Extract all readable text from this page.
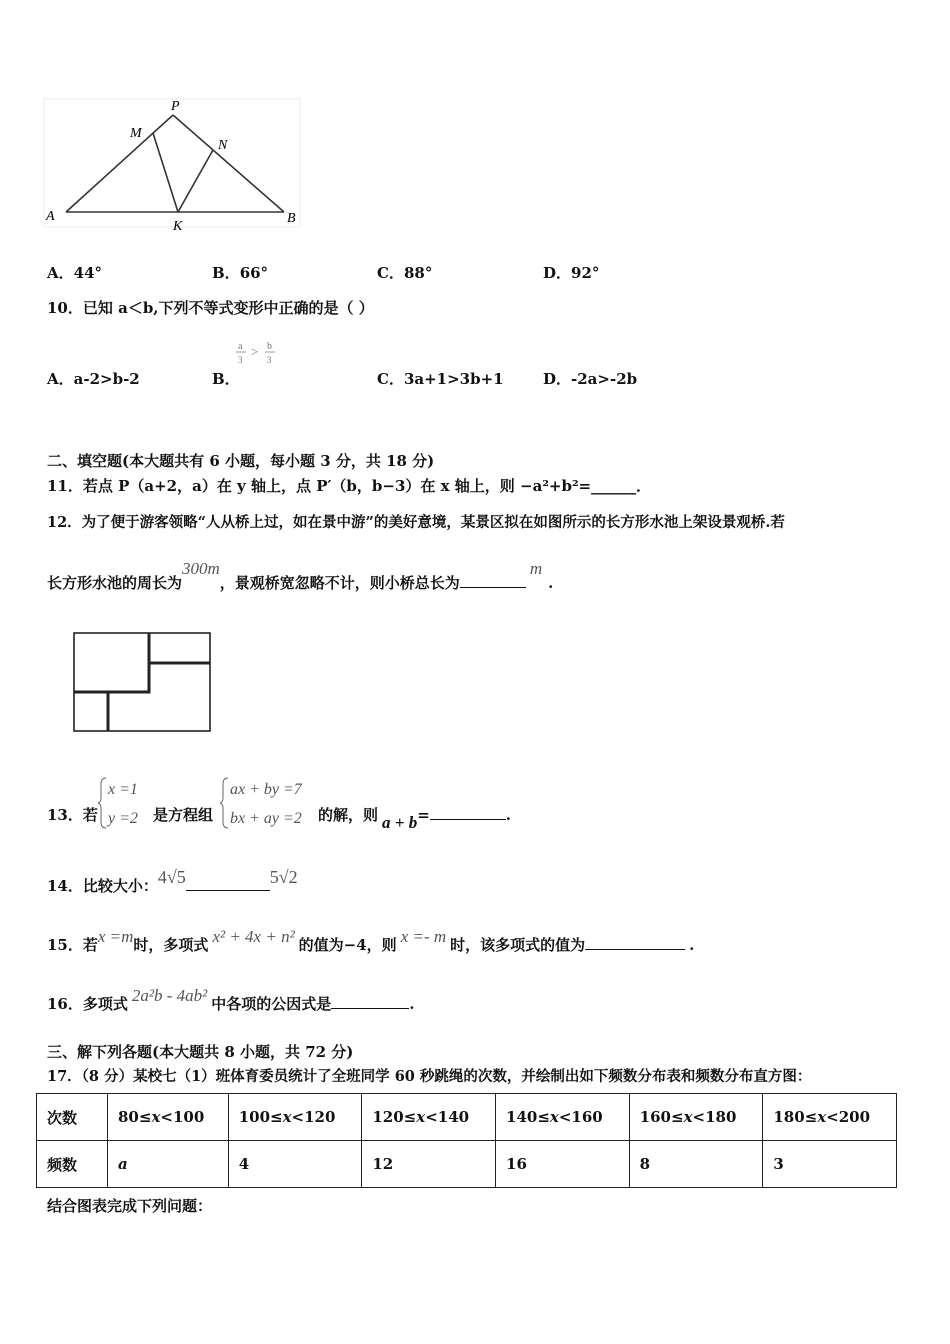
P
M
N
A
K
B
A．44°	B．66°	C．88°	D．92°
10．已知 a＜b,下列不等式变形中正确的是（ ）
A．a-2>b-2	B．
a
3
> b
3
C．3a+1>3b+1	D．-2a>-2b
二、填空题(本大题共有 6 小题，每小题 3 分，共 18 分)
11．若点 P（a+2，a）在 y 轴上，点 P′（b，b−3）在 x 轴上，则 −a²+b²=______．
12．为了便于游客领略“人从桥上过，如在景中游”的美好意境，某景区拟在如图所示的长方形水池上架设景观桥.若
长方形水池的周长为300m，景观桥宽忽略不计，则小桥总长为m.
13．若
x =1
y =2 是方程组
ax + by =7
bx + ay =2 的解，则 a + b=	.
14．比较大小：4√5	5√2
15．若x =m时，多项式 x² + 4x + n² 的值为−4，则 x =- m 时，该多项式的值为	.
16．多项式 2a²b - 4ab² 中各项的公因式是	.
三、解下列各题(本大题共 8 小题，共 72 分)
17．（8 分）某校七（1）班体育委员统计了全班同学 60 秒跳绳的次数，并绘制出如下频数分布表和频数分布直方图：
次数	80≤x<100	100≤x<120	120≤x<140	140≤x<160	160≤x<180	180≤x<200
频数	a	4	12	16	8	3
结合图表完成下列问题：
